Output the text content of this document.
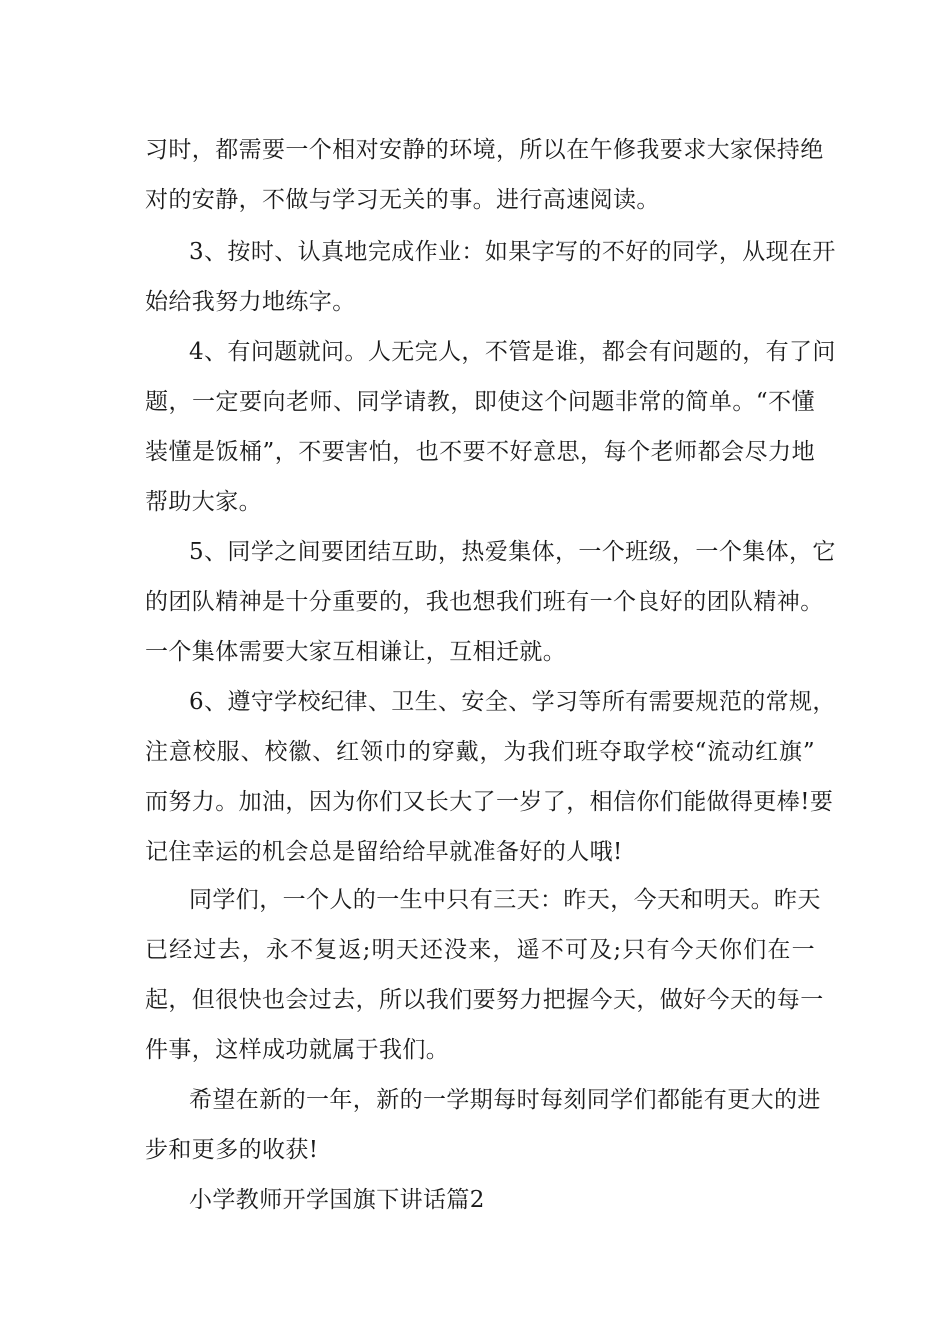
习时，都需要一个相对安静的环境，所以在午修我要求大家保持绝

对的安静，不做与学习无关的事。进行高速阅读。

3、按时、认真地完成作业：如果字写的不好的同学，从现在开

始给我努力地练字。

4、有问题就问。人无完人，不管是谁，都会有问题的，有了问

题，一定要向老师、同学请教，即使这个问题非常的简单。“不懂

装懂是饭桶”，不要害怕，也不要不好意思，每个老师都会尽力地

帮助大家。

5、同学之间要团结互助，热爱集体，一个班级，一个集体，它

的团队精神是十分重要的，我也想我们班有一个良好的团队精神。

一个集体需要大家互相谦让，互相迁就。

6、遵守学校纪律、卫生、安全、学习等所有需要规范的常规，

注意校服、校徽、红领巾的穿戴，为我们班夺取学校“流动红旗”

而努力。加油，因为你们又长大了一岁了，相信你们能做得更棒!要

记住幸运的机会总是留给给早就准备好的人哦!

同学们，一个人的一生中只有三天：昨天，今天和明天。昨天

已经过去，永不复返;明天还没来，遥不可及;只有今天你们在一

起，但很快也会过去，所以我们要努力把握今天，做好今天的每一

件事，这样成功就属于我们。

希望在新的一年，新的一学期每时每刻同学们都能有更大的进

步和更多的收获!

小学教师开学国旗下讲话篇2
